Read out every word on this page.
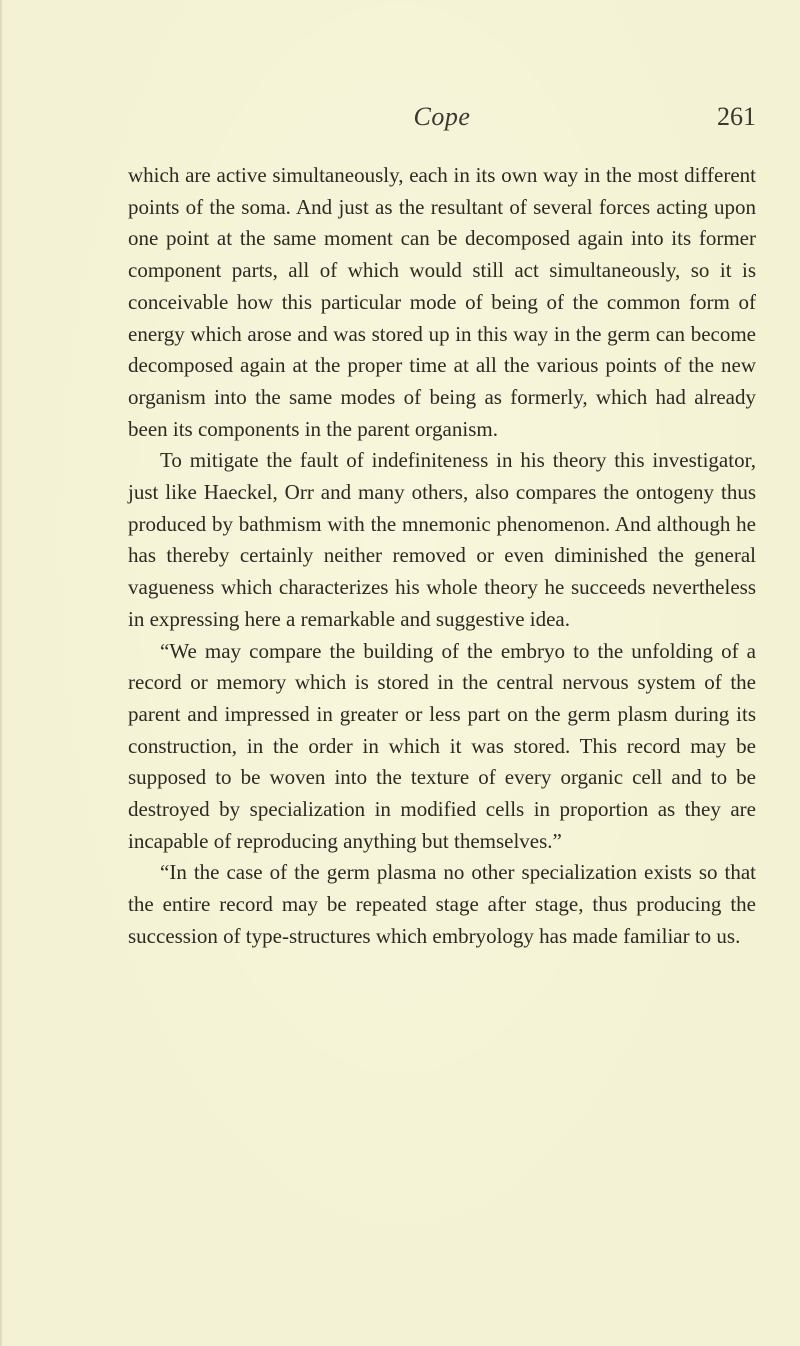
Cope	261

which are active simultaneously, each in its own way in the most different points of the soma. And just as the resultant of several forces acting upon one point at the same moment can be decomposed again into its former component parts, all of which would still act simultaneously, so it is conceivable how this particular mode of being of the common form of energy which arose and was stored up in this way in the germ can become decomposed again at the proper time at all the various points of the new organism into the same modes of being as formerly, which had already been its components in the parent organism.

To mitigate the fault of indefiniteness in his theory this investigator, just like Haeckel, Orr and many others, also compares the ontogeny thus produced by bathmism with the mnemonic phenomenon. And although he has thereby certainly neither removed or even diminished the general vagueness which characterizes his whole theory he succeeds nevertheless in expressing here a remarkable and suggestive idea.

“We may compare the building of the embryo to the unfolding of a record or memory which is stored in the central nervous system of the parent and impressed in greater or less part on the germ plasm during its construction, in the order in which it was stored. This record may be supposed to be woven into the texture of every organic cell and to be destroyed by specialization in modified cells in proportion as they are incapable of reproducing anything but themselves.”

“In the case of the germ plasma no other specialization exists so that the entire record may be repeated stage after stage, thus producing the succession of type-structures which embryology has made familiar to us.
